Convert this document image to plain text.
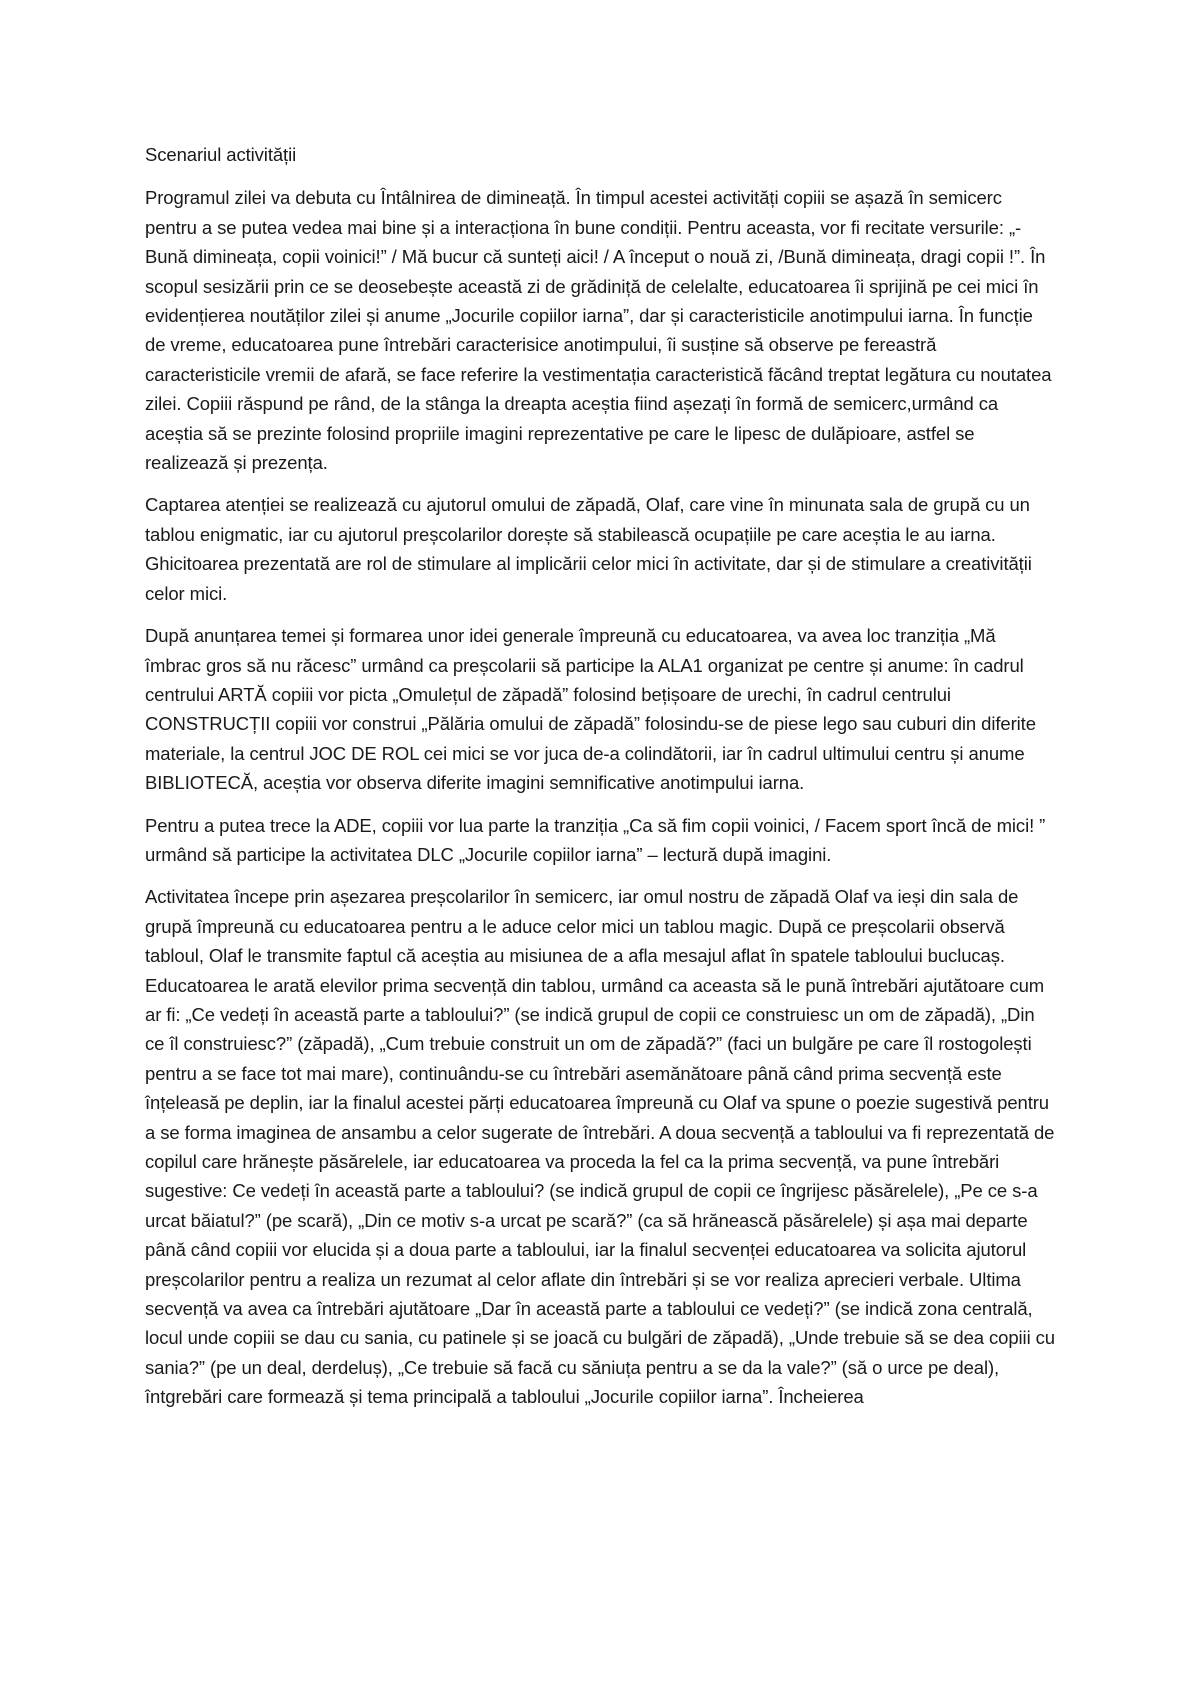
Scenariul activității

Programul zilei va debuta cu Întâlnirea de dimineață. În timpul acestei activități copiii se așază în semicerc pentru a se putea vedea mai bine și a interacționa în bune condiții. Pentru aceasta, vor fi recitate versurile: „-Bună dimineața, copii voinici!” / Mă bucur că sunteți aici! / A început o nouă zi, /Bună dimineața, dragi copii !”. În scopul sesizării prin ce se deosebește această zi de grădiniță de celelalte, educatoarea îi sprijină pe cei mici în evidențierea noutăților zilei și anume „Jocurile copiilor iarna”, dar și caracteristicile anotimpului iarna. În funcție de vreme, educatoarea pune întrebări caracterisice anotimpului, îi susține să observe pe fereastră caracteristicile vremii de afară, se face referire la vestimentația caracteristică făcând treptat legătura cu noutatea zilei. Copiii răspund pe rând, de la stânga la dreapta aceștia fiind așezați în formă de semicerc,urmând ca aceștia să se prezinte folosind propriile imagini reprezentative pe care le lipesc de dulăpioare, astfel se realizează și prezența.

Captarea atenției se realizează cu ajutorul omului de zăpadă, Olaf, care vine în minunata sala de grupă cu un tablou enigmatic, iar cu ajutorul preșcolarilor dorește să stabilească ocupațiile pe care aceștia le au iarna. Ghicitoarea prezentată are rol de stimulare al implicării celor mici în activitate, dar și de stimulare a creativității celor mici.

După anunțarea temei și formarea unor idei generale împreună cu educatoarea, va avea loc tranziția „Mă îmbrac gros să nu răcesc” urmând ca preșcolarii să participe la ALA1 organizat pe centre și anume: în cadrul centrului ARTĂ copiii vor picta „Omulețul de zăpadă” folosind bețișoare de urechi, în cadrul centrului CONSTRUCȚII copiii vor construi „Pălăria omului de zăpadă” folosindu-se de piese lego sau cuburi din diferite materiale, la centrul JOC DE ROL cei mici se vor juca de-a colindătorii, iar în cadrul ultimului centru și anume BIBLIOTECĂ, aceștia vor observa diferite imagini semnificative anotimpului iarna.

Pentru a putea trece la ADE, copiii vor lua parte la tranziția „Ca să fim copii voinici, / Facem sport încă de mici! ” urmând să participe la activitatea DLC „Jocurile copiilor iarna” – lectură după imagini.

Activitatea începe prin așezarea preșcolarilor în semicerc, iar omul nostru de zăpadă Olaf va ieși din sala de grupă împreună cu educatoarea pentru a le aduce celor mici un tablou magic. După ce preșcolarii observă tabloul, Olaf le transmite faptul că aceștia au misiunea de a afla mesajul aflat în spatele tabloului buclucaș. Educatoarea le arată elevilor prima secvență din tablou, urmând ca aceasta să le pună întrebări ajutătoare cum ar fi: „Ce vedeți în această parte a tabloului?” (se indică grupul de copii ce construiesc un om de zăpadă), „Din ce îl construiesc?” (zăpadă), „Cum trebuie construit un om de zăpadă?” (faci un bulgăre pe care îl rostogolești pentru a se face tot mai mare), continuându-se cu întrebări asemănătoare până când prima secvență este înțeleasă pe deplin, iar la finalul acestei părți educatoarea împreună cu Olaf va spune o poezie sugestivă pentru a se forma imaginea de ansambu a celor sugerate de întrebări. A doua secvență a tabloului va fi reprezentată de copilul care hrănește păsărelele, iar educatoarea va proceda la fel ca la prima secvență, va pune întrebări sugestive: Ce vedeți în această parte a tabloului? (se indică grupul de copii ce îngrijesc păsărelele), „Pe ce s-a urcat băiatul?” (pe scară), „Din ce motiv s-a urcat pe scară?” (ca să hrănească păsărelele) și așa mai departe până când copiii vor elucida și a doua parte a tabloului, iar la finalul secvenței educatoarea va solicita ajutorul preșcolarilor pentru a realiza un rezumat al celor aflate din întrebări și se vor realiza aprecieri verbale. Ultima secvență va avea ca întrebări ajutătoare „Dar în această parte a tabloului ce vedeți?” (se indică zona centrală, locul unde copiii se dau cu sania, cu patinele și se joacă cu bulgări de zăpadă), „Unde trebuie să se dea copiii cu sania?” (pe un deal, derdeluș), „Ce trebuie să facă cu săniuța pentru a se da la vale?” (să o urce pe deal), întgrebări care formează și tema principală a tabloului „Jocurile copiilor iarna”. Încheierea
